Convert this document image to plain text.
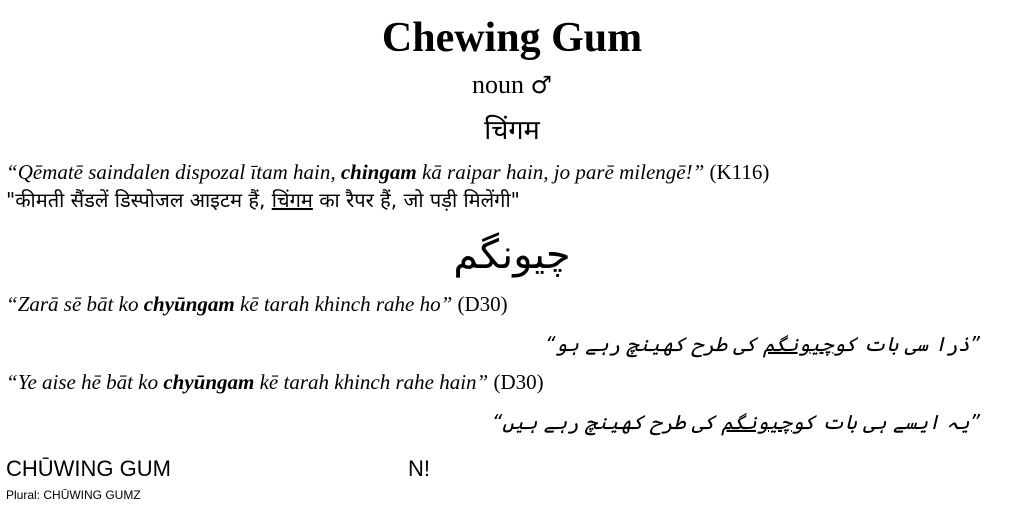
Chewing Gum
noun ♂
चिंगम
“Qēmatē saindalen dispozal ītam hain, chingam kā raipar hain, jo parē milengē!” (K116)
"कीमती सैंडलें डिस्पोजल आइटम हैं, चिंगम का रैपर हैं, जो पड़ी मिलेंगी"
چیونگم
“Zarā sē bāt ko chyūngam kē tarah khinch rahe ho” (D30)
”ذرا سی بات کوچیونگم کی طرح کھینچ رہے ہو“
“Ye aise hē bāt ko chyūngam kē tarah khinch rahe hain” (D30)
”یہ ایسے ہی بات کوچیونگم کی طرح کھینچ رہے ہیں“
CHŪWING GUM	N!
Plural: CHŪWING GUMZ
